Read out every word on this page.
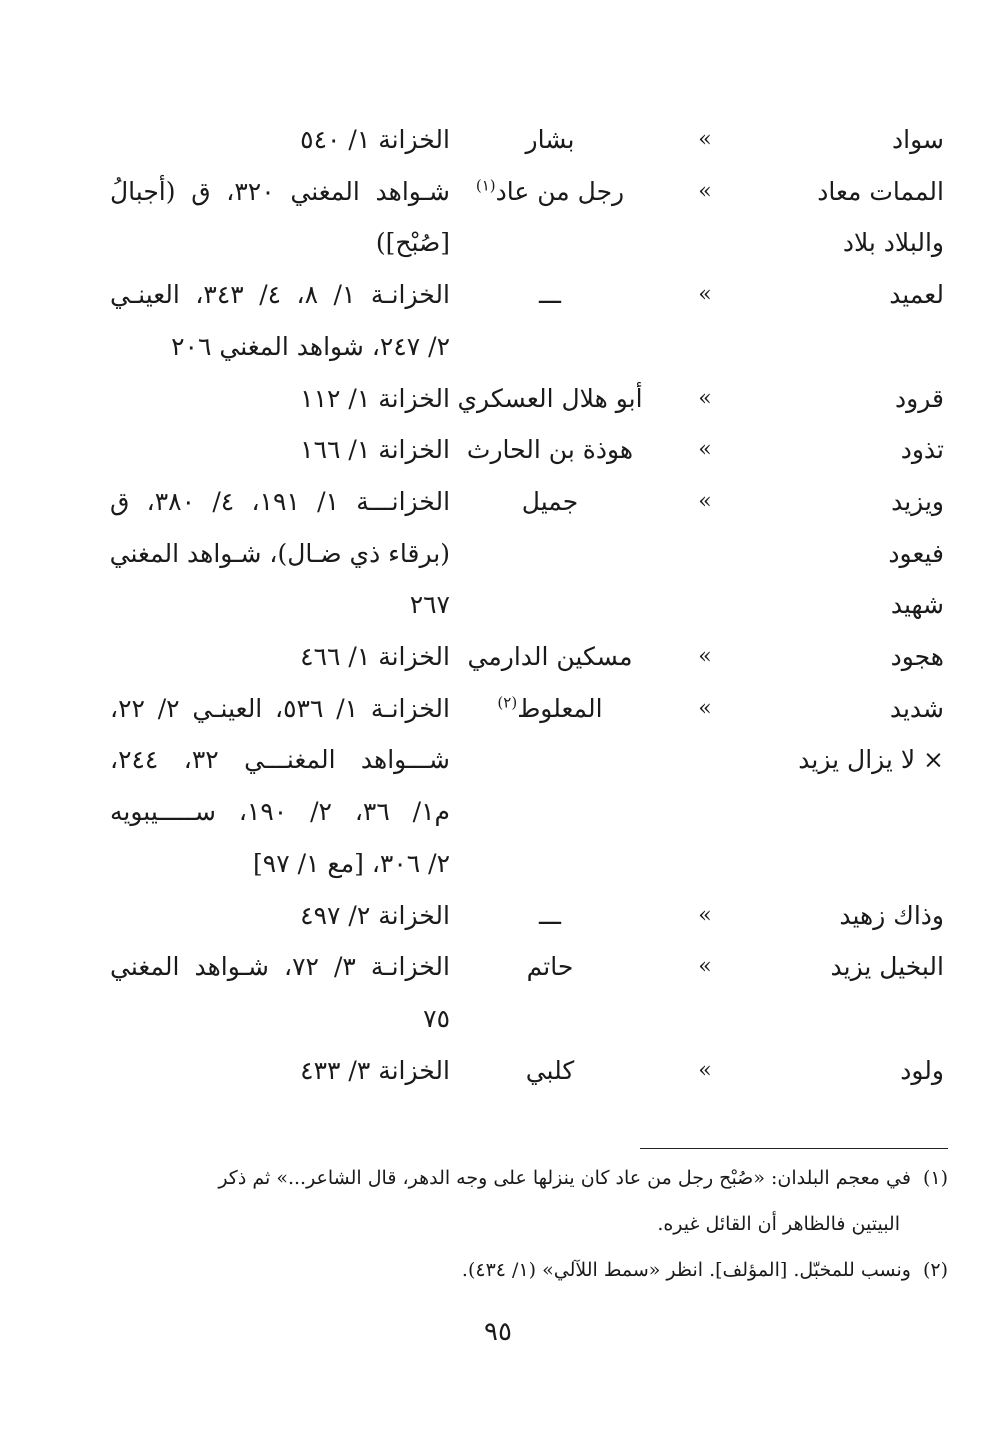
سواد
»
بشار
الخزانة ١/ ٥٤٠
الممات معاد
»
رجل من عاد$^{(١)}$
شـواهد المغني ٣٢٠، ق (أجبالُ
والبلاد بلاد
[صُبْح])
لعميد
»
ـــ
الخزانـة ١/ ٨، ٤/ ٣٤٣، العينـي
٢/ ٢٤٧، شواهد المغني ٢٠٦
قرود
»
أبو هلال العسكري
الخزانة ١/ ١١٢
تذود
»
هوذة بن الحارث
الخزانة ١/ ١٦٦
ويزيد
»
جميل
الخزانـــة ١/ ١٩١، ٤/ ٣٨٠، ق
فيعود
(برقاء ذي ضـال)، شـواهد المغني
شهيد
٢٦٧
هجود
»
مسكين الدارمي
الخزانة ١/ ٤٦٦
شديد
»
المعلوط$^{(٢)}$
الخزانـة ١/ ٥٣٦، العينـي ٢/ ٢٢،
× لا يزال يزيد
شـــواهد المغنـــي ٣٢، ٢٤٤،
م١/ ٣٦، ٢/ ١٩٠، ســـــيبويه
٢/ ٣٠٦، [مع ١/ ٩٧]
وذاك زهيد
»
ـــ
الخزانة ٢/ ٤٩٧
البخيل يزيد
»
حاتم
الخزانـة ٣/ ٧٢، شـواهد المغني
٧٥
ولود
»
كلبي
الخزانة ٣/ ٤٣٣
(١)في معجم البلدان: «صُبْح رجل من عاد كان ينزلها على وجه الدهر، قال الشاعر...» ثم ذكر
البيتين فالظاهر أن القائل غيره.
(٢)ونسب للمخبّل. [المؤلف]. انظر «سمط اللآلي» (١/ ٤٣٤).
٩٥
